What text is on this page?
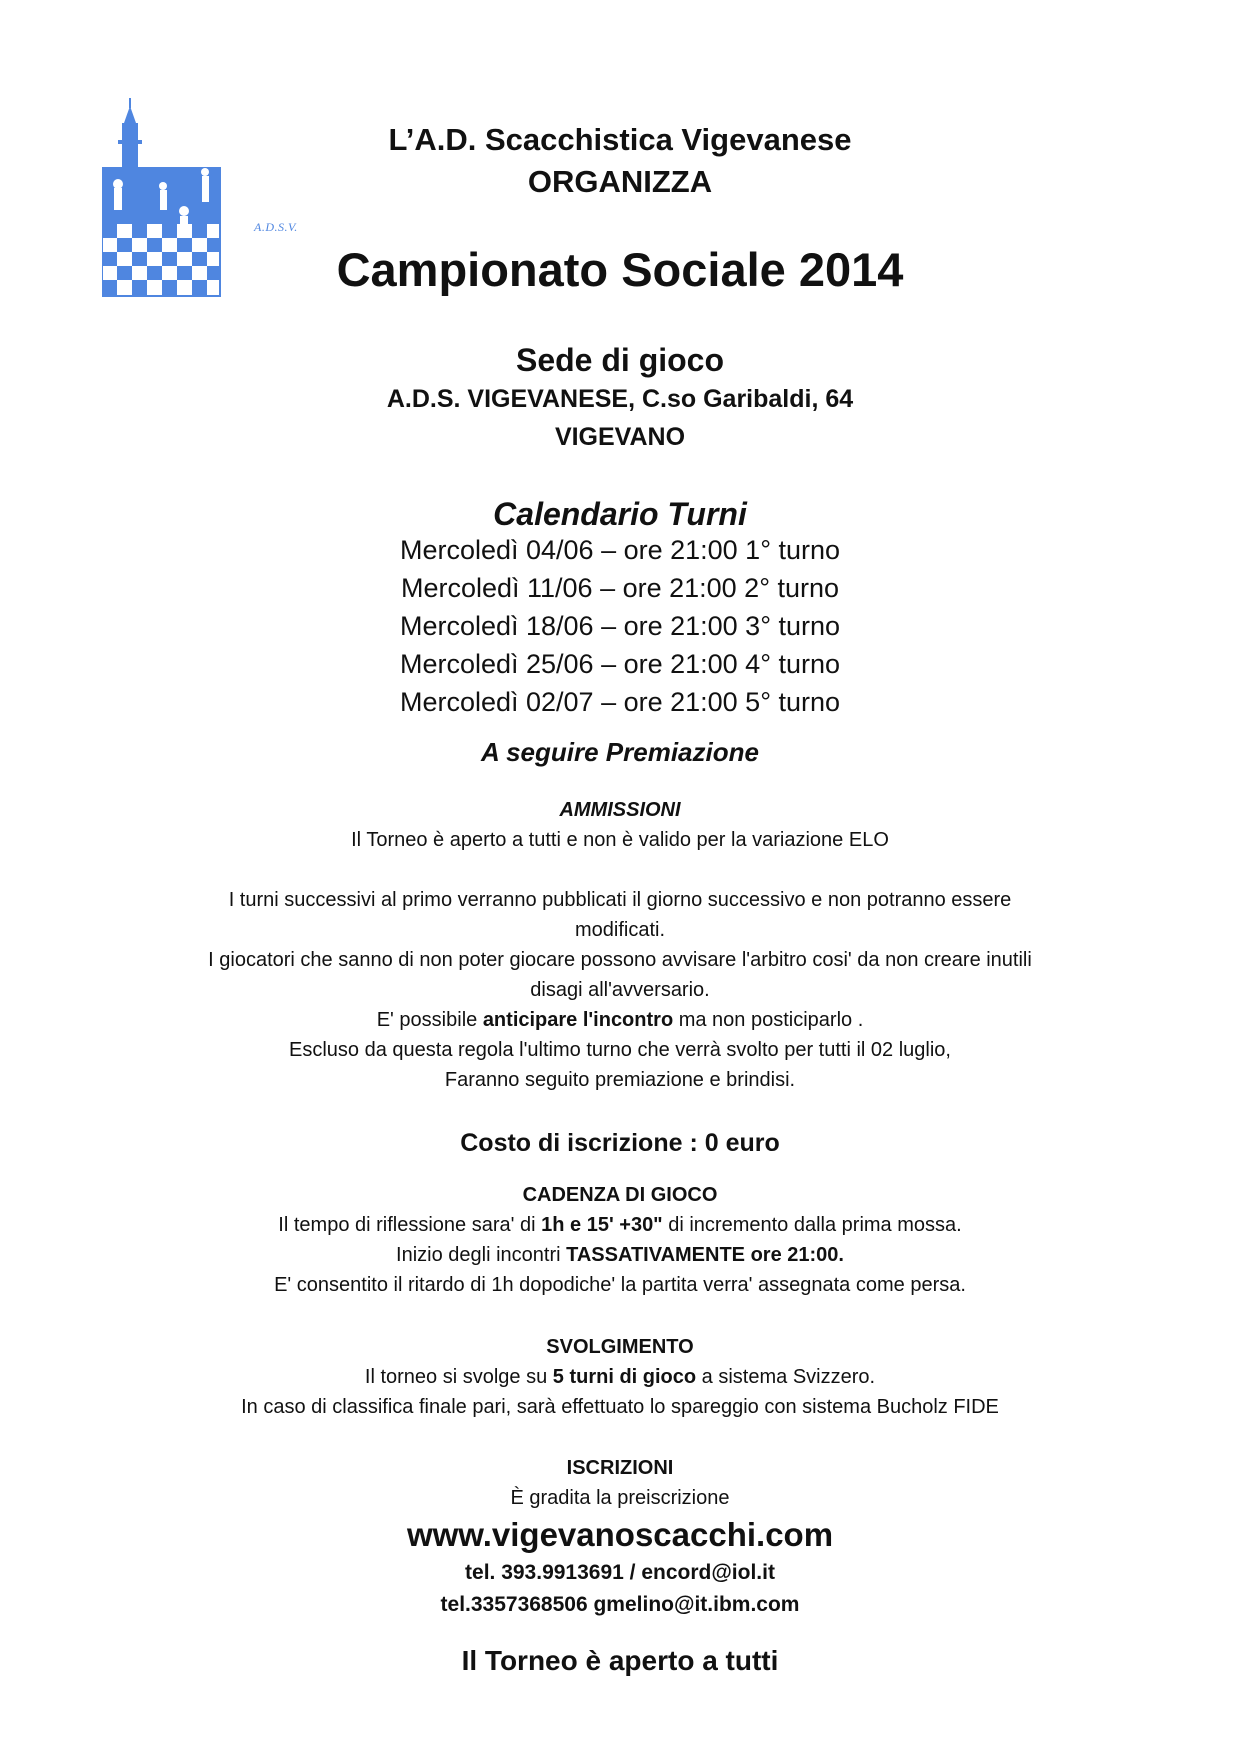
A.D.S.V.
L’A.D. Scacchistica Vigevanese
ORGANIZZA
Campionato Sociale 2014
Sede di gioco
A.D.S. VIGEVANESE, C.so Garibaldi, 64
VIGEVANO
Calendario Turni
Mercoledì 04/06 – ore 21:00 1° turno
Mercoledì 11/06 – ore 21:00 2° turno
Mercoledì 18/06 – ore 21:00 3° turno
Mercoledì 25/06 – ore 21:00 4° turno
Mercoledì 02/07 – ore 21:00 5° turno
A seguire Premiazione
AMMISSIONI
Il Torneo è aperto a tutti e non è valido per la variazione ELO
I turni successivi al primo verranno pubblicati il giorno successivo e non potranno essere
modificati.
I giocatori che sanno di non poter giocare possono avvisare l'arbitro cosi' da non creare inutili
disagi all'avversario.
E' possibile anticipare l'incontro ma non posticiparlo .
Escluso da questa regola l'ultimo turno che verrà svolto per tutti il 02 luglio,
Faranno seguito premiazione e brindisi.
Costo di iscrizione : 0 euro
CADENZA DI GIOCO
Il tempo di riflessione sara' di 1h e 15' +30" di incremento dalla prima mossa.
Inizio degli incontri TASSATIVAMENTE ore 21:00.
E' consentito il ritardo di 1h dopodiche' la partita verra' assegnata come persa.
SVOLGIMENTO
Il torneo si svolge su 5 turni di gioco a sistema Svizzero.
In caso di classifica finale pari, sarà effettuato lo spareggio con sistema Bucholz FIDE
ISCRIZIONI
È gradita la preiscrizione
www.vigevanoscacchi.com
tel. 393.9913691 / encord@iol.it
tel.3357368506 gmelino@it.ibm.com
Il Torneo è aperto a tutti
